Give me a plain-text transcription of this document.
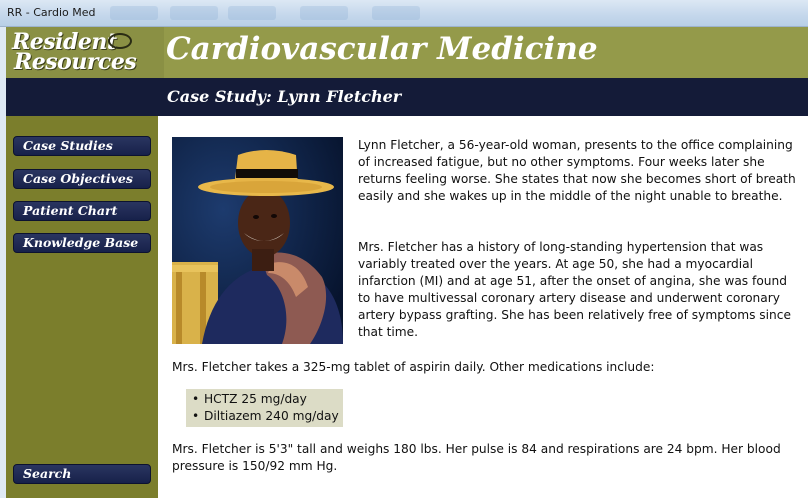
RR - Cardio Med
Resident
Resources Cardiovascular Medicine
Case Study: Lynn Fletcher
Case Studies
Case Objectives
Patient Chart
Knowledge Base
Search

Lynn Fletcher, a 56-year-old woman, presents to the office complaining of increased fatigue, but no other symptoms. Four weeks later she returns feeling worse. She states that now she becomes short of breath easily and she wakes up in the middle of the night unable to breathe.

Mrs. Fletcher has a history of long-standing hypertension that was variably treated over the years. At age 50, she had a myocardial infarction (MI) and at age 51, after the onset of angina, she was found to have multivessal coronary artery disease and underwent coronary artery bypass grafting. She has been relatively free of symptoms since that time.

Mrs. Fletcher takes a 325-mg tablet of aspirin daily. Other medications include:

• HCTZ 25 mg/day
• Diltiazem 240 mg/day

Mrs. Fletcher is 5'3" tall and weighs 180 lbs. Her pulse is 84 and respirations are 24 bpm. Her blood pressure is 150/92 mm Hg.
